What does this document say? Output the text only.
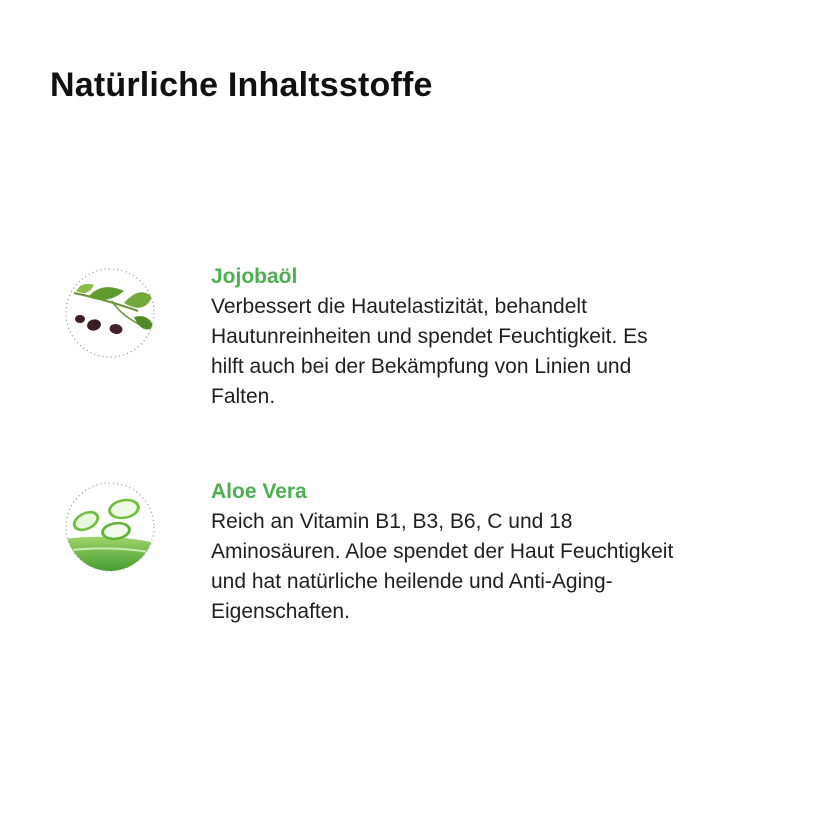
Natürliche Inhaltsstoffe
Jojobaöl
Verbessert die Hautelastizität, behandelt
Hautunreinheiten und spendet Feuchtigkeit. Es
hilft auch bei der Bekämpfung von Linien und
Falten.
Aloe Vera
Reich an Vitamin B1, B3, B6, C und 18
Aminosäuren. Aloe spendet der Haut Feuchtigkeit
und hat natürliche heilende und Anti-Aging-
Eigenschaften.
